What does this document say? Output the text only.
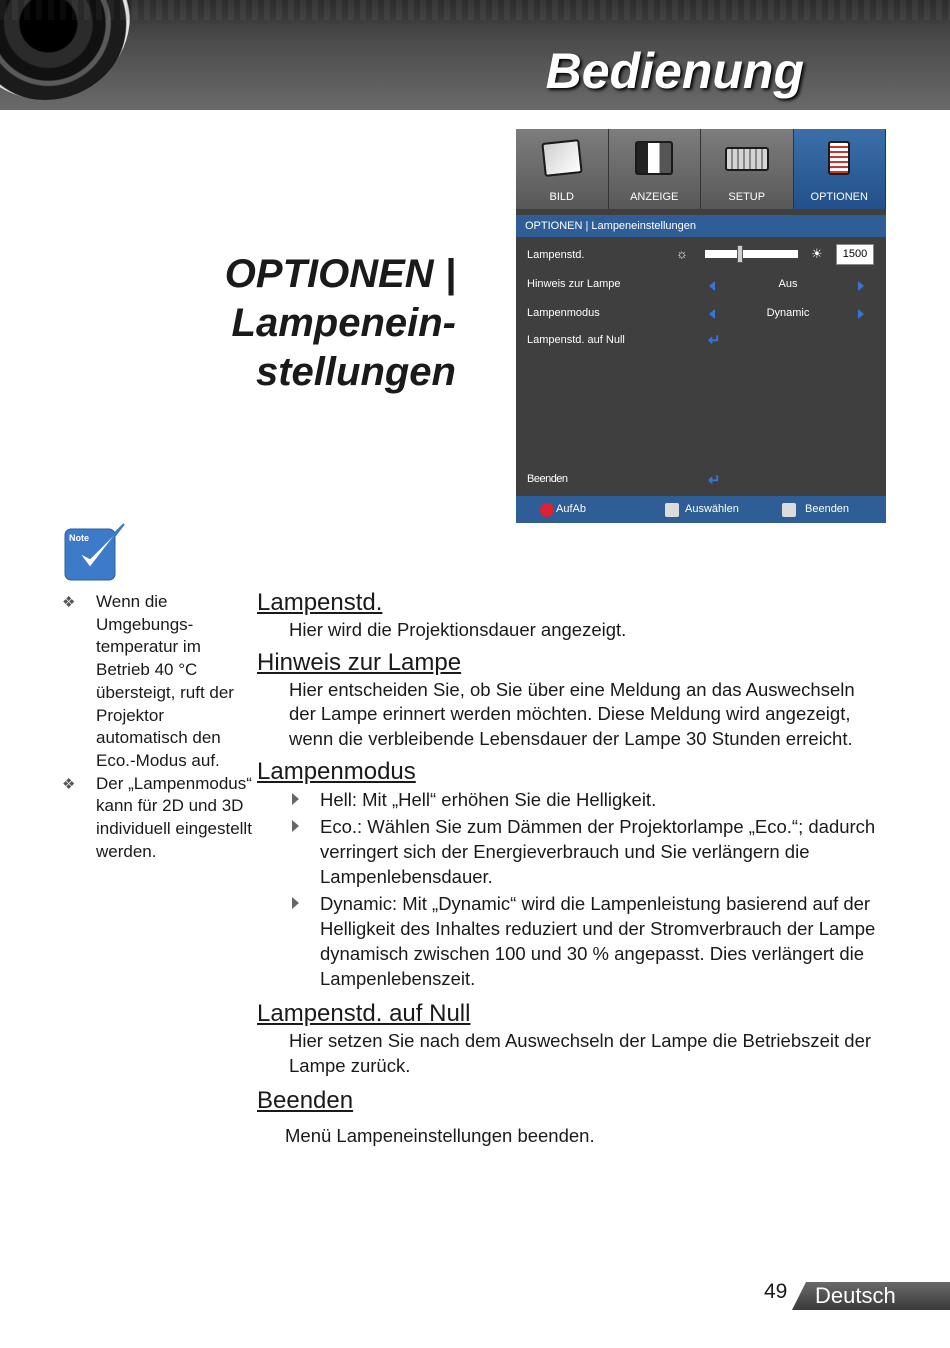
Bedienung
OPTIONEN |
Lampenein-
stellungen
BILD	ANZEIGE	SETUP	OPTIONEN
OPTIONEN | Lampeneinstellungen
Lampenstd.	☼	☀	1500
Hinweis zur Lampe	Aus
Lampenmodus	Dynamic
Lampenstd. auf Null	↵
Beenden	↵
AufAb	Auswählen	Beenden
Note
❖ Wenn die Umgebungs-temperatur im Betrieb 40 °C übersteigt, ruft der Projektor automatisch den Eco.-Modus auf.
❖ Der „Lampenmodus“ kann für 2D und 3D individuell eingestellt werden.
Lampenstd.
Hier wird die Projektionsdauer angezeigt.
Hinweis zur Lampe
Hier entscheiden Sie, ob Sie über eine Meldung an das Auswechseln der Lampe erinnert werden möchten. Diese Meldung wird angezeigt, wenn die verbleibende Lebensdauer der Lampe 30 Stunden erreicht.
Lampenmodus
Hell: Mit „Hell“ erhöhen Sie die Helligkeit.
Eco.: Wählen Sie zum Dämmen der Projektorlampe „Eco.“; dadurch verringert sich der Energieverbrauch und Sie verlängern die Lampenlebensdauer.
Dynamic: Mit „Dynamic“ wird die Lampenleistung basierend auf der Helligkeit des Inhaltes reduziert und der Stromverbrauch der Lampe dynamisch zwischen 100 und 30 % angepasst. Dies verlängert die Lampenlebenszeit.
Lampenstd. auf Null
Hier setzen Sie nach dem Auswechseln der Lampe die Betriebszeit der Lampe zurück.
Beenden
Menü Lampeneinstellungen beenden.
49 Deutsch
